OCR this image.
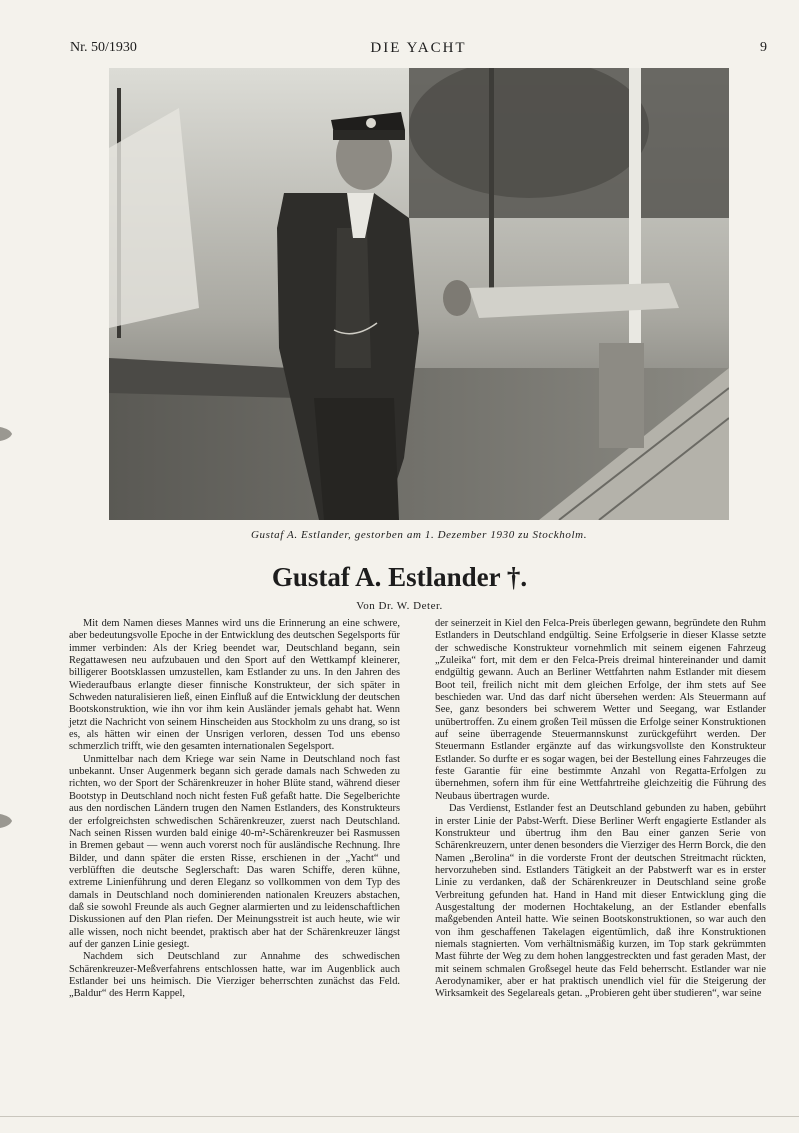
Nr. 50/1930	DIE YACHT	9
Gustaf A. Estlander, gestorben am 1. Dezember 1930 zu Stockholm.
Gustaf A. Estlander †.
Von Dr. W. Deter.

Mit dem Namen dieses Mannes wird uns die Erinnerung an eine schwere, aber bedeutungsvolle Epoche in der Entwicklung des deutschen Segelsports für immer verbinden: Als der Krieg beendet war, Deutschland begann, sein Regattawesen neu aufzubauen und den Sport auf den Wettkampf kleinerer, billigerer Bootsklassen umzustellen, kam Estlander zu uns. In den Jahren des Wiederaufbaus erlangte dieser finnische Konstrukteur, der sich später in Schweden naturalisieren ließ, einen Einfluß auf die Entwicklung der deutschen Bootskonstruktion, wie ihn vor ihm kein Ausländer jemals gehabt hat. Wenn jetzt die Nachricht von seinem Hinscheiden aus Stockholm zu uns drang, so ist es, als hätten wir einen der Unsrigen verloren, dessen Tod uns ebenso schmerzlich trifft, wie den gesamten internationalen Segelsport.

Unmittelbar nach dem Kriege war sein Name in Deutschland noch fast unbekannt. Unser Augenmerk begann sich gerade damals nach Schweden zu richten, wo der Sport der Schärenkreuzer in hoher Blüte stand, während dieser Bootstyp in Deutschland noch nicht festen Fuß gefaßt hatte. Die Segelberichte aus den nordischen Ländern trugen den Namen Estlanders, des Konstrukteurs der erfolgreichsten schwedischen Schärenkreuzer, zuerst nach Deutschland. Nach seinen Rissen wurden bald einige 40-m²-Schärenkreuzer bei Rasmussen in Bremen gebaut — wenn auch vorerst noch für ausländische Rechnung. Ihre Bilder, und dann später die ersten Risse, erschienen in der „Yacht“ und verblüfften die deutsche Seglerschaft: Das waren Schiffe, deren kühne, extreme Linienführung und deren Eleganz so vollkommen von dem Typ des damals in Deutschland noch dominierenden nationalen Kreuzers abstachen, daß sie sowohl Freunde als auch Gegner alarmierten und zu leidenschaftlichen Diskussionen auf den Plan riefen. Der Meinungsstreit ist auch heute, wie wir alle wissen, noch nicht beendet, praktisch aber hat der Schärenkreuzer längst auf der ganzen Linie gesiegt.

Nachdem sich Deutschland zur Annahme des schwedischen Schärenkreuzer-Meßverfahrens entschlossen hatte, war im Augenblick auch Estlander bei uns heimisch. Die Vierziger beherrschten zunächst das Feld. „Baldur“ des Herrn Kappel,

der seinerzeit in Kiel den Felca-Preis überlegen gewann, begründete den Ruhm Estlanders in Deutschland endgültig. Seine Erfolgserie in dieser Klasse setzte der schwedische Konstrukteur vornehmlich mit seinem eigenen Fahrzeug „Zuleika“ fort, mit dem er den Felca-Preis dreimal hintereinander und damit endgültig gewann. Auch an Berliner Wettfahrten nahm Estlander mit diesem Boot teil, freilich nicht mit dem gleichen Erfolge, der ihm stets auf See beschieden war. Und das darf nicht übersehen werden: Als Steuermann auf See, ganz besonders bei schwerem Wetter und Seegang, war Estlander unübertroffen. Zu einem großen Teil müssen die Erfolge seiner Konstruktionen auf seine überragende Steuermannskunst zurückgeführt werden. Der Steuermann Estlander ergänzte auf das wirkungsvollste den Konstrukteur Estlander. So durfte er es sogar wagen, bei der Bestellung eines Fahrzeuges die feste Garantie für eine bestimmte Anzahl von Regatta-Erfolgen zu übernehmen, sofern ihm für eine Wettfahrtreihe gleichzeitig die Führung des Neubaus übertragen wurde.

Das Verdienst, Estlander fest an Deutschland gebunden zu haben, gebührt in erster Linie der Pabst-Werft. Diese Berliner Werft engagierte Estlander als Konstrukteur und übertrug ihm den Bau einer ganzen Serie von Schärenkreuzern, unter denen besonders die Vierziger des Herrn Borck, die den Namen „Berolina“ in die vorderste Front der deutschen Streitmacht rückten, hervorzuheben sind. Estlanders Tätigkeit an der Pabstwerft war es in erster Linie zu verdanken, daß der Schärenkreuzer in Deutschland seine große Verbreitung gefunden hat. Hand in Hand mit dieser Entwicklung ging die Ausgestaltung der modernen Hochtakelung, an der Estlander ebenfalls maßgebenden Anteil hatte. Wie seinen Bootskonstruktionen, so war auch den von ihm geschaffenen Takelagen eigentümlich, daß ihre Konstruktionen niemals stagnierten. Vom verhältnismäßig kurzen, im Top stark gekrümmten Mast führte der Weg zu dem hohen langgestreckten und fast geraden Mast, der mit seinem schmalen Großsegel heute das Feld beherrscht. Estlander war nie Aerodynamiker, aber er hat praktisch unendlich viel für die Steigerung der Wirksamkeit des Segelareals getan. „Probieren geht über studieren“, war seine
